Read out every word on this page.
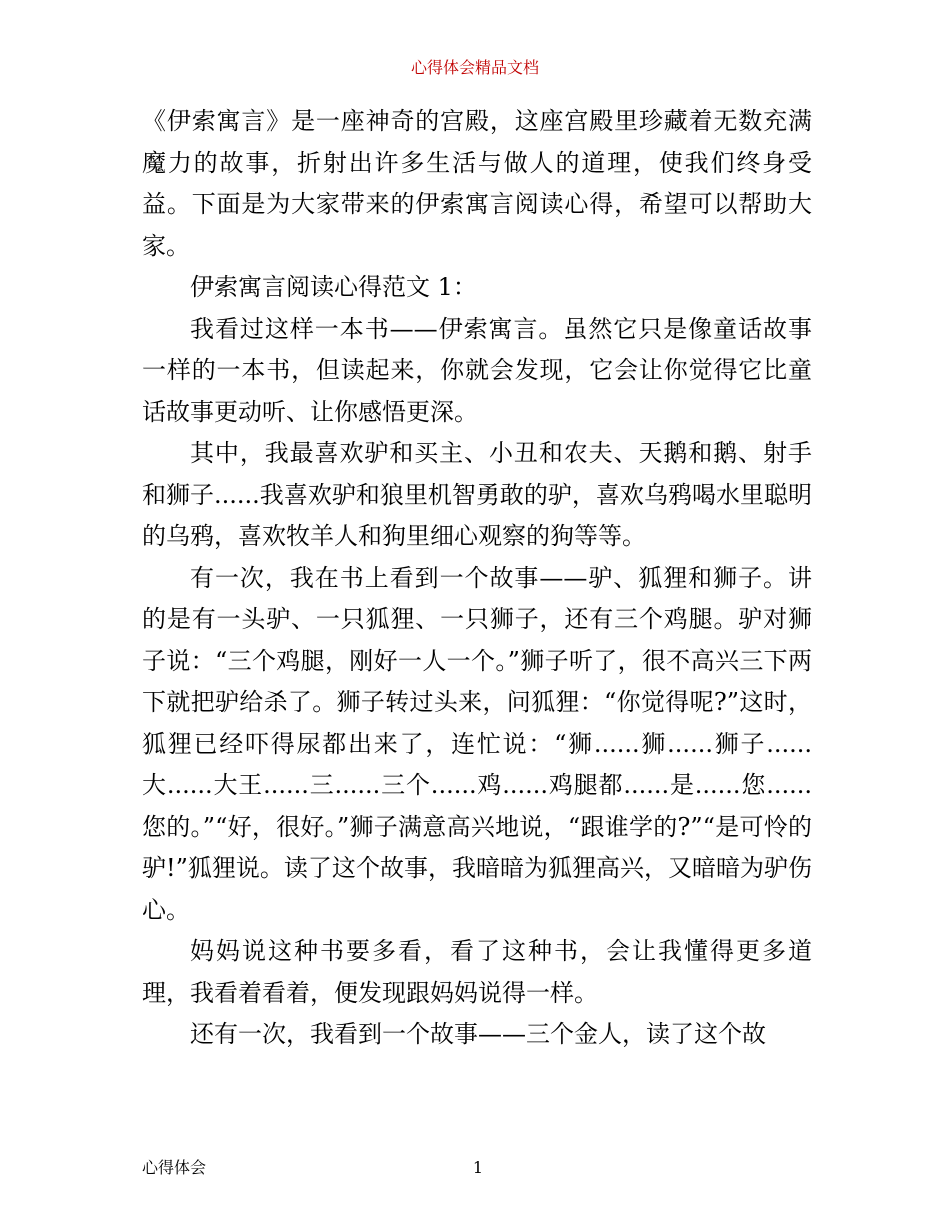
心得体会精品文档

《伊索寓言》是一座神奇的宫殿，这座宫殿里珍藏着无数充满魔力的故事，折射出许多生活与做人的道理，使我们终身受益。下面是为大家带来的伊索寓言阅读心得，希望可以帮助大家。

伊索寓言阅读心得范文 1：

我看过这样一本书——伊索寓言。虽然它只是像童话故事一样的一本书，但读起来，你就会发现，它会让你觉得它比童话故事更动听、让你感悟更深。

其中，我最喜欢驴和买主、小丑和农夫、天鹅和鹅、射手和狮子......我喜欢驴和狼里机智勇敢的驴，喜欢乌鸦喝水里聪明的乌鸦，喜欢牧羊人和狗里细心观察的狗等等。

有一次，我在书上看到一个故事——驴、狐狸和狮子。讲的是有一头驴、一只狐狸、一只狮子，还有三个鸡腿。驴对狮子说：“三个鸡腿，刚好一人一个。”狮子听了，很不高兴三下两下就把驴给杀了。狮子转过头来，问狐狸：“你觉得呢?”这时，狐狸已经吓得尿都出来了，连忙说：“狮......狮......狮子......大......大王......三......三个......鸡......鸡腿都......是......您......您的。”“好，很好。”狮子满意高兴地说，“跟谁学的?”“是可怜的驴!”狐狸说。读了这个故事，我暗暗为狐狸高兴，又暗暗为驴伤心。

妈妈说这种书要多看，看了这种书，会让我懂得更多道理，我看着看着，便发现跟妈妈说得一样。

还有一次，我看到一个故事——三个金人，读了这个故

心得体会	1
